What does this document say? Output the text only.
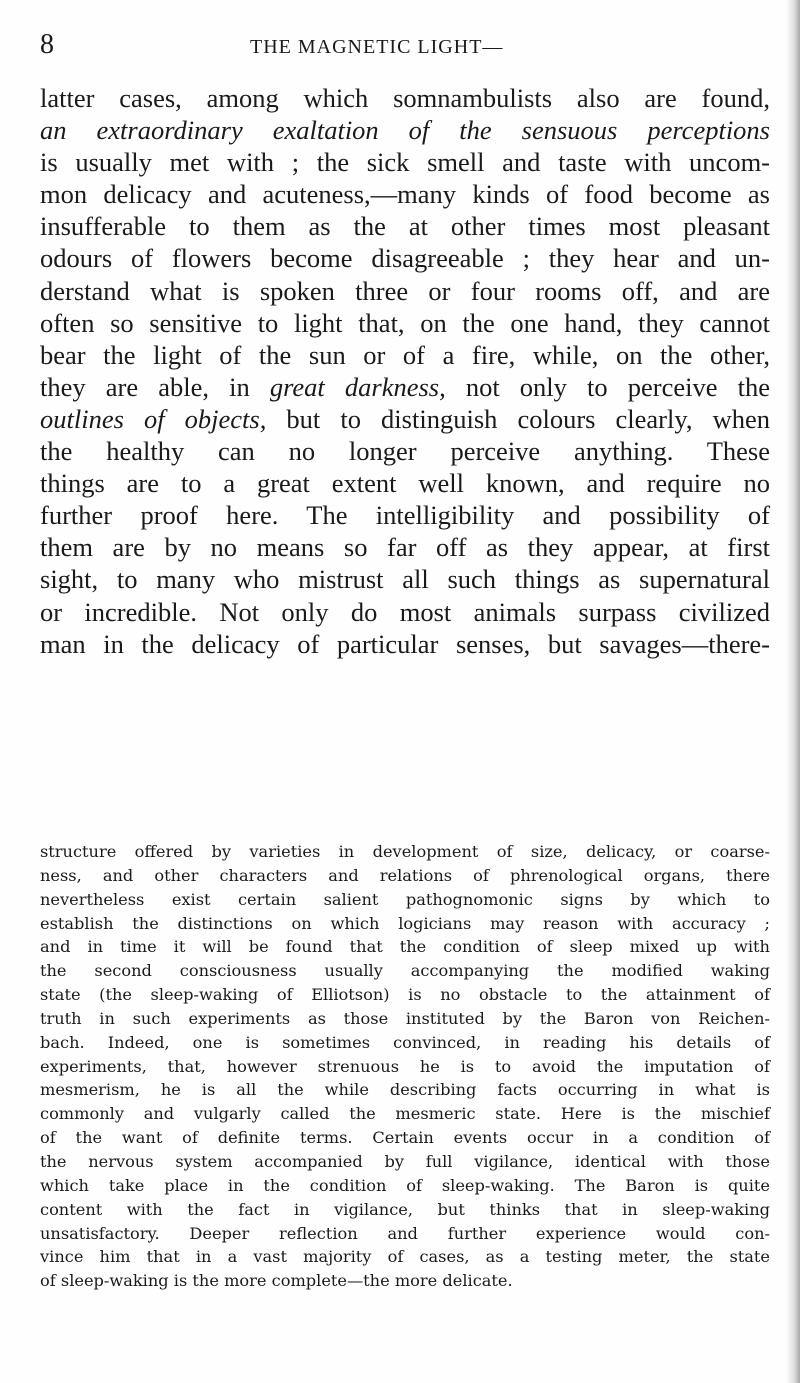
8	THE MAGNETIC LIGHT—
latter cases, among which somnambulists also are found,
an extraordinary exaltation of the sensuous perceptions
is usually met with ; the sick smell and taste with uncom-
mon delicacy and acuteness,—many kinds of food become as
insufferable to them as the at other times most pleasant
odours of flowers become disagreeable ; they hear and un-
derstand what is spoken three or four rooms off, and are
often so sensitive to light that, on the one hand, they cannot
bear the light of the sun or of a fire, while, on the other,
they are able, in great darkness, not only to perceive the
outlines of objects, but to distinguish colours clearly, when
the healthy can no longer perceive anything. These
things are to a great extent well known, and require no
further proof here. The intelligibility and possibility of
them are by no means so far off as they appear, at first
sight, to many who mistrust all such things as supernatural
or incredible. Not only do most animals surpass civilized
man in the delicacy of particular senses, but savages—there-
structure offered by varieties in development of size, delicacy, or coarse-
ness, and other characters and relations of phrenological organs, there
nevertheless exist certain salient pathognomonic signs by which to
establish the distinctions on which logicians may reason with accuracy ;
and in time it will be found that the condition of sleep mixed up with
the second consciousness usually accompanying the modified waking
state (the sleep-waking of Elliotson) is no obstacle to the attainment of
truth in such experiments as those instituted by the Baron von Reichen-
bach. Indeed, one is sometimes convinced, in reading his details of
experiments, that, however strenuous he is to avoid the imputation of
mesmerism, he is all the while describing facts occurring in what is
commonly and vulgarly called the mesmeric state. Here is the mischief
of the want of definite terms. Certain events occur in a condition of
the nervous system accompanied by full vigilance, identical with those
which take place in the condition of sleep-waking. The Baron is quite
content with the fact in vigilance, but thinks that in sleep-waking
unsatisfactory. Deeper reflection and further experience would con-
vince him that in a vast majority of cases, as a testing meter, the state
of sleep-waking is the more complete—the more delicate.
